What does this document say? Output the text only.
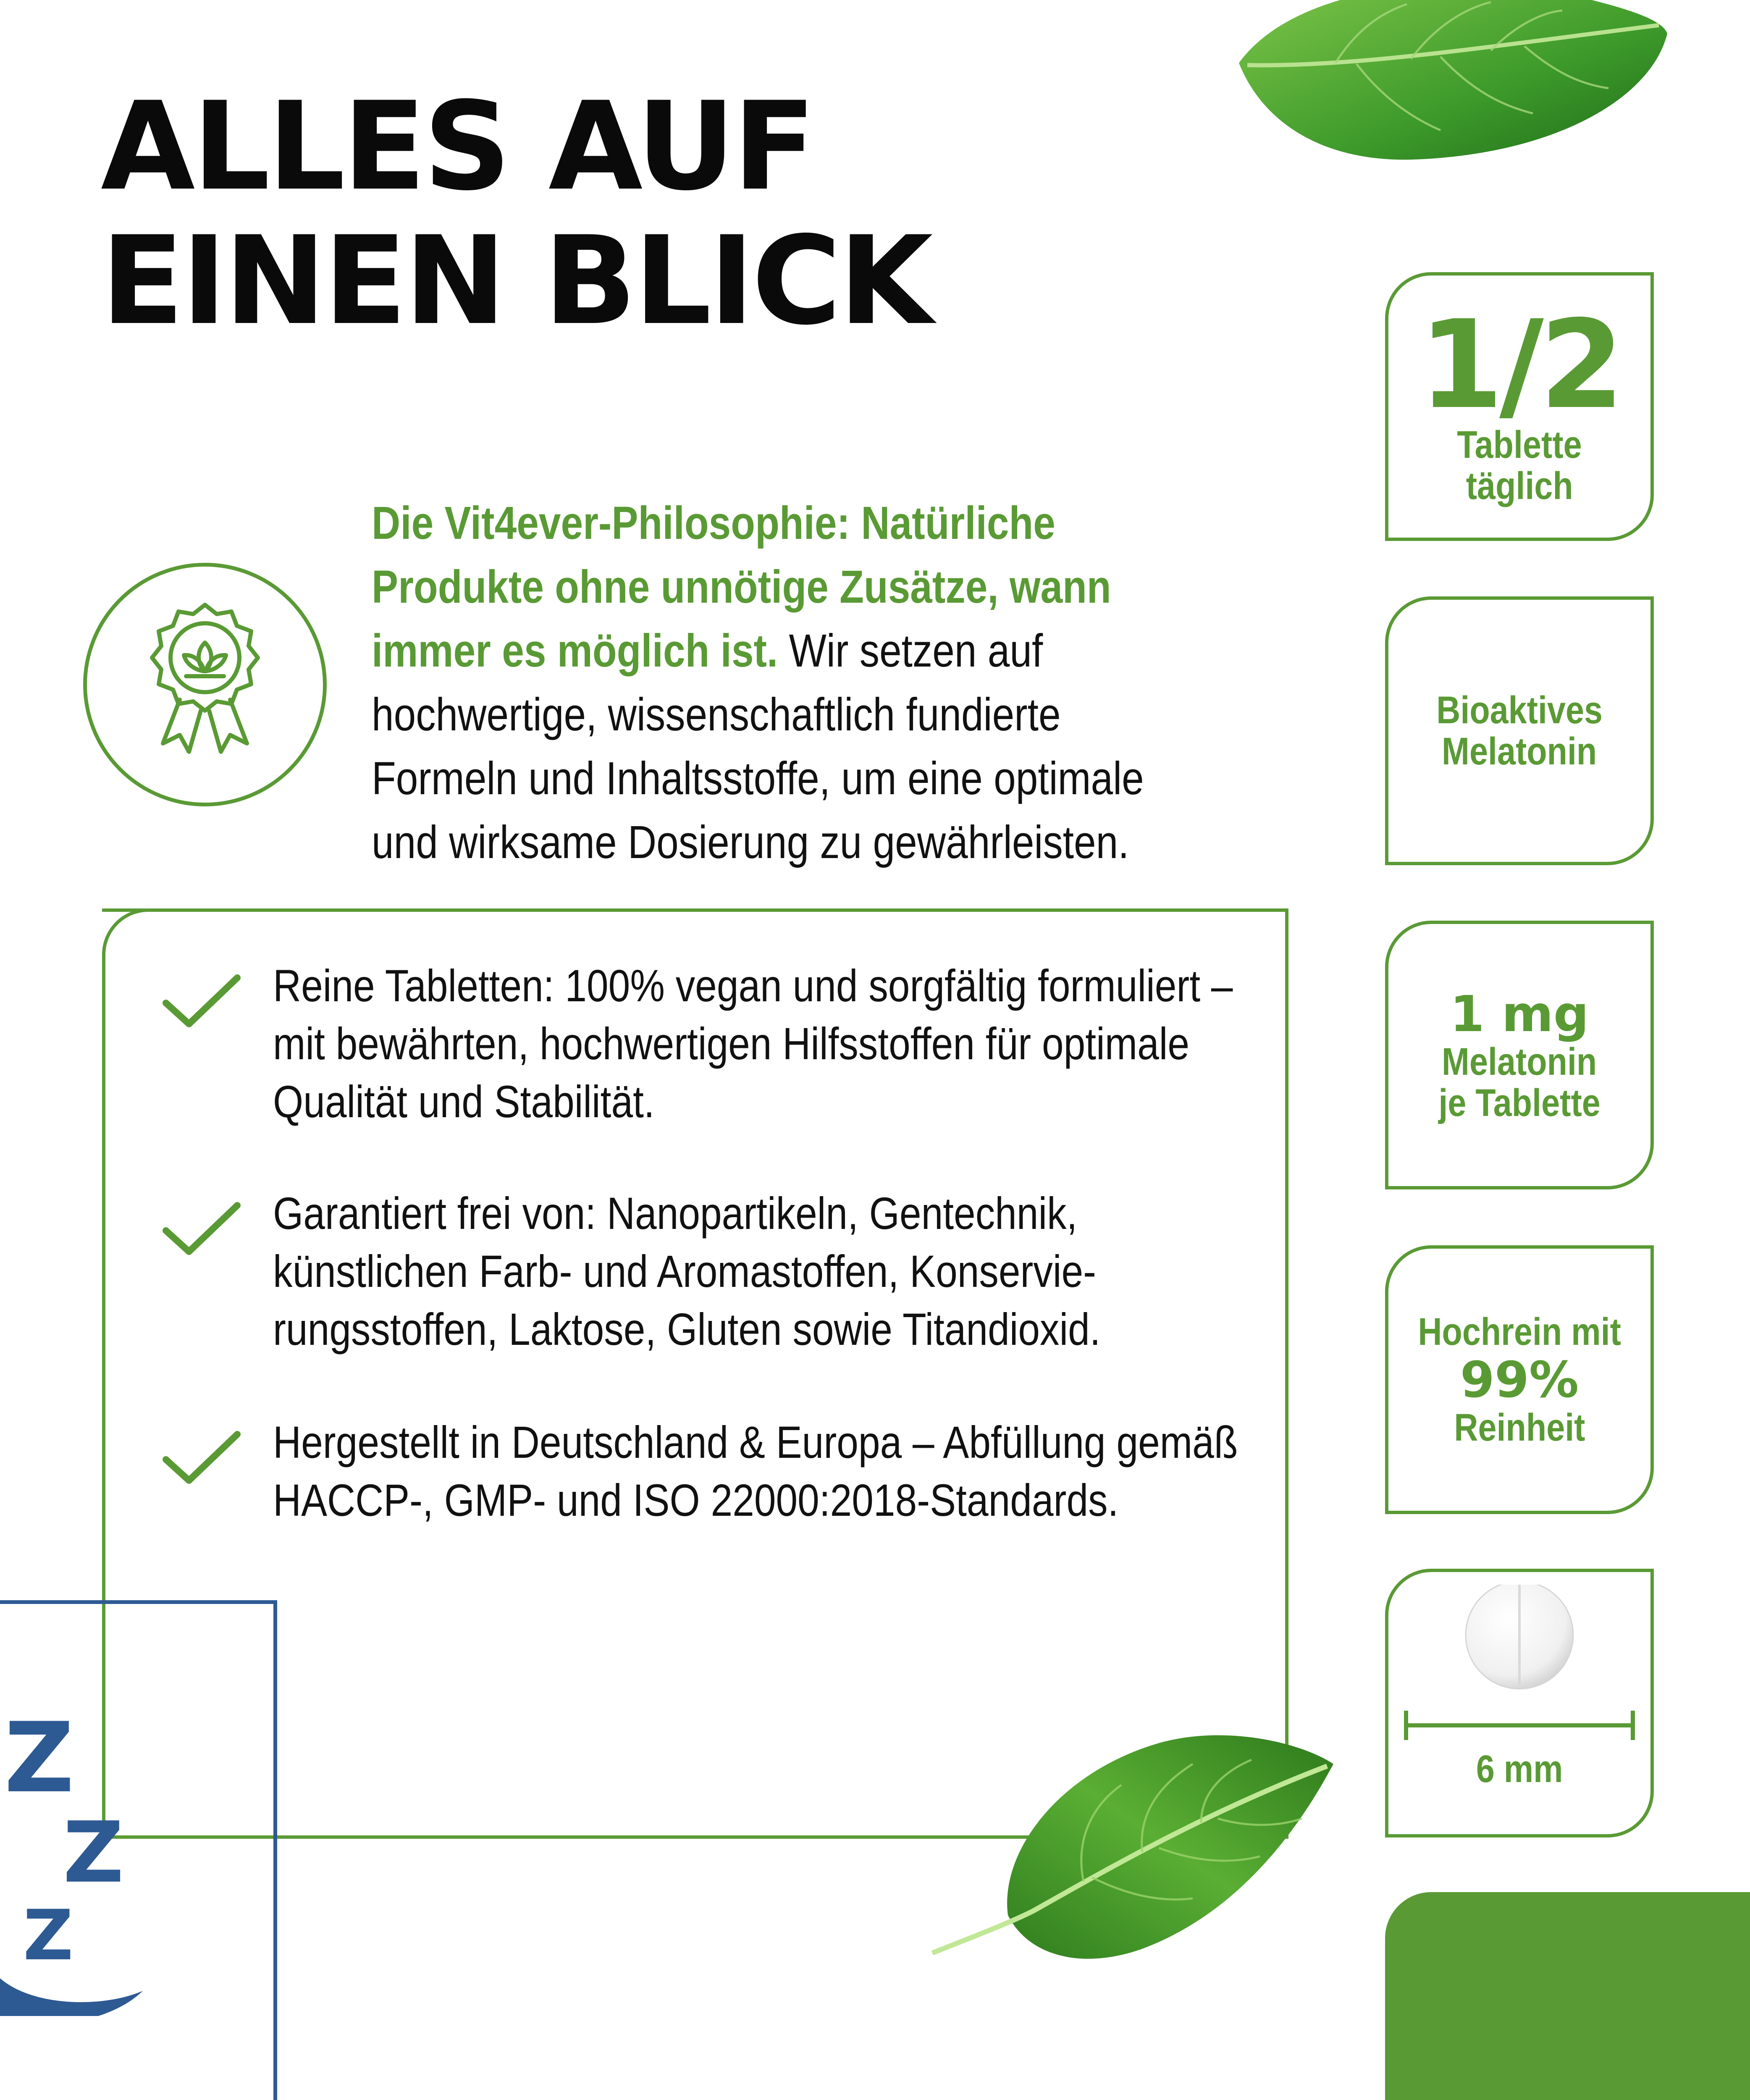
ALLES AUF
EINEN BLICK

Die Vit4ever-Philosophie: Natürliche Produkte ohne unnötige Zusätze, wann immer es möglich ist. Wir setzen auf hochwertige, wissenschaftlich fundierte Formeln und Inhaltsstoffe, um eine optimale und wirksame Dosierung zu gewährleisten.

Reine Tabletten: 100% vegan und sorgfältig formuliert – mit bewährten, hochwertigen Hilfsstoffen für optimale Qualität und Stabilität.
Garantiert frei von: Nanopartikeln, Gentechnik, künstlichen Farb- und Aromastoffen, Konservie-rungsstoffen, Laktose, Gluten sowie Titandioxid.
Hergestellt in Deutschland & Europa – Abfüllung gemäß HACCP-, GMP- und ISO 22000:2018-Standards.
Z
Z
Z
1/2
Tablette
täglich
Bioaktives
Melatonin
1 mg
Melatonin
je Tablette
Hochrein mit
99%
Reinheit
6 mm
